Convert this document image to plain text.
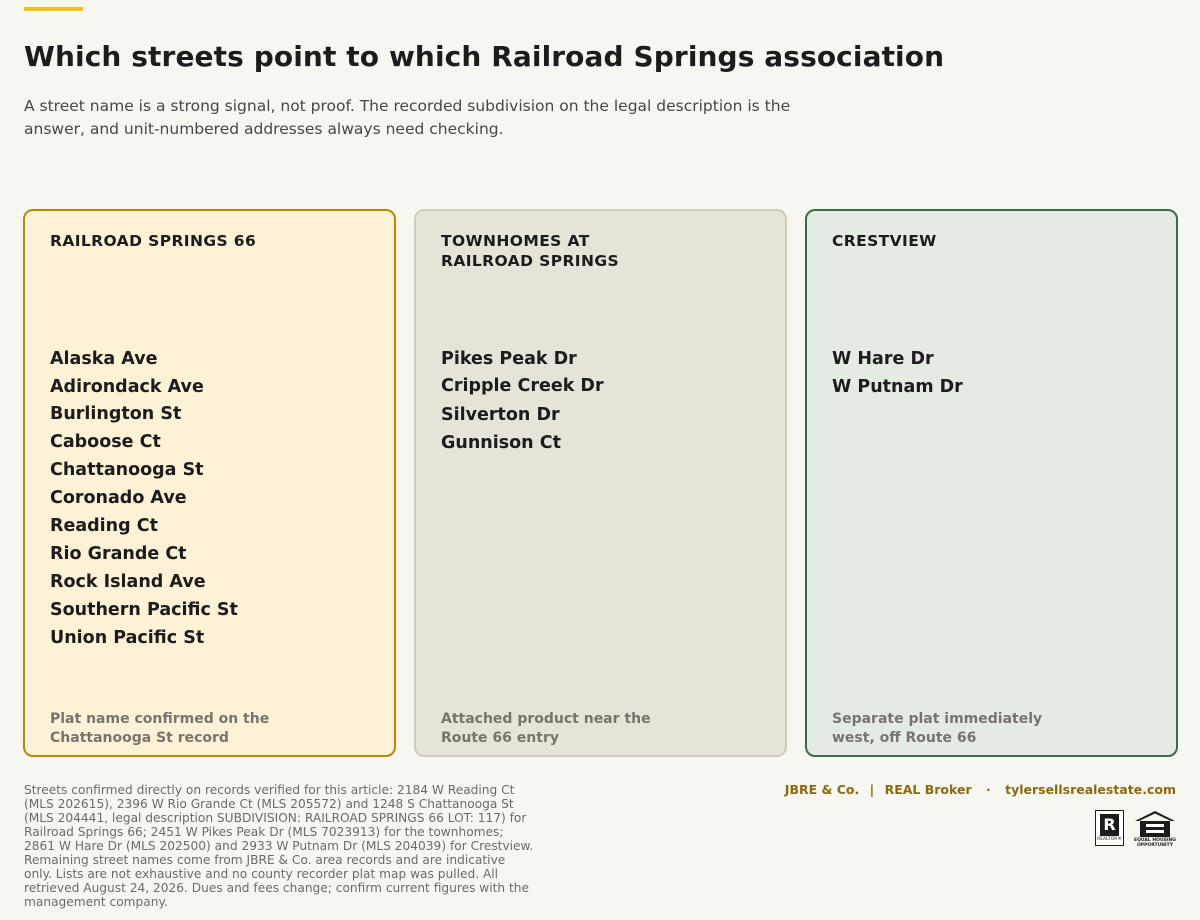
Which streets point to which Railroad Springs association

A street name is a strong signal, not proof. The recorded subdivision on the legal description is the answer, and unit-numbered addresses always need checking.

RAILROAD SPRINGS 66
Alaska Ave
Adirondack Ave
Burlington St
Caboose Ct
Chattanooga St
Coronado Ave
Reading Ct
Rio Grande Ct
Rock Island Ave
Southern Pacific St
Union Pacific St

Plat name confirmed on the Chattanooga St record

TOWNHOMES AT RAILROAD SPRINGS
Pikes Peak Dr
Cripple Creek Dr
Silverton Dr
Gunnison Ct

Attached product near the Route 66 entry

CRESTVIEW
W Hare Dr
W Putnam Dr

Separate plat immediately west, off Route 66

Streets confirmed directly on records verified for this article: 2184 W Reading Ct (MLS 202615), 2396 W Rio Grande Ct (MLS 205572) and 1248 S Chattanooga St (MLS 204441, legal description SUBDIVISION: RAILROAD SPRINGS 66 LOT: 117) for Railroad Springs 66; 2451 W Pikes Peak Dr (MLS 7023913) for the townhomes; 2861 W Hare Dr (MLS 202500) and 2933 W Putnam Dr (MLS 204039) for Crestview. Remaining street names come from JBRE & Co. area records and are indicative only. Lists are not exhaustive and no county recorder plat map was pulled. All retrieved August 24, 2026. Dues and fees change; confirm current figures with the management company.

JBRE & Co. | REAL Broker · tylersellsrealestate.com
R
REALTOR®	EQUAL HOUSING OPPORTUNITY
